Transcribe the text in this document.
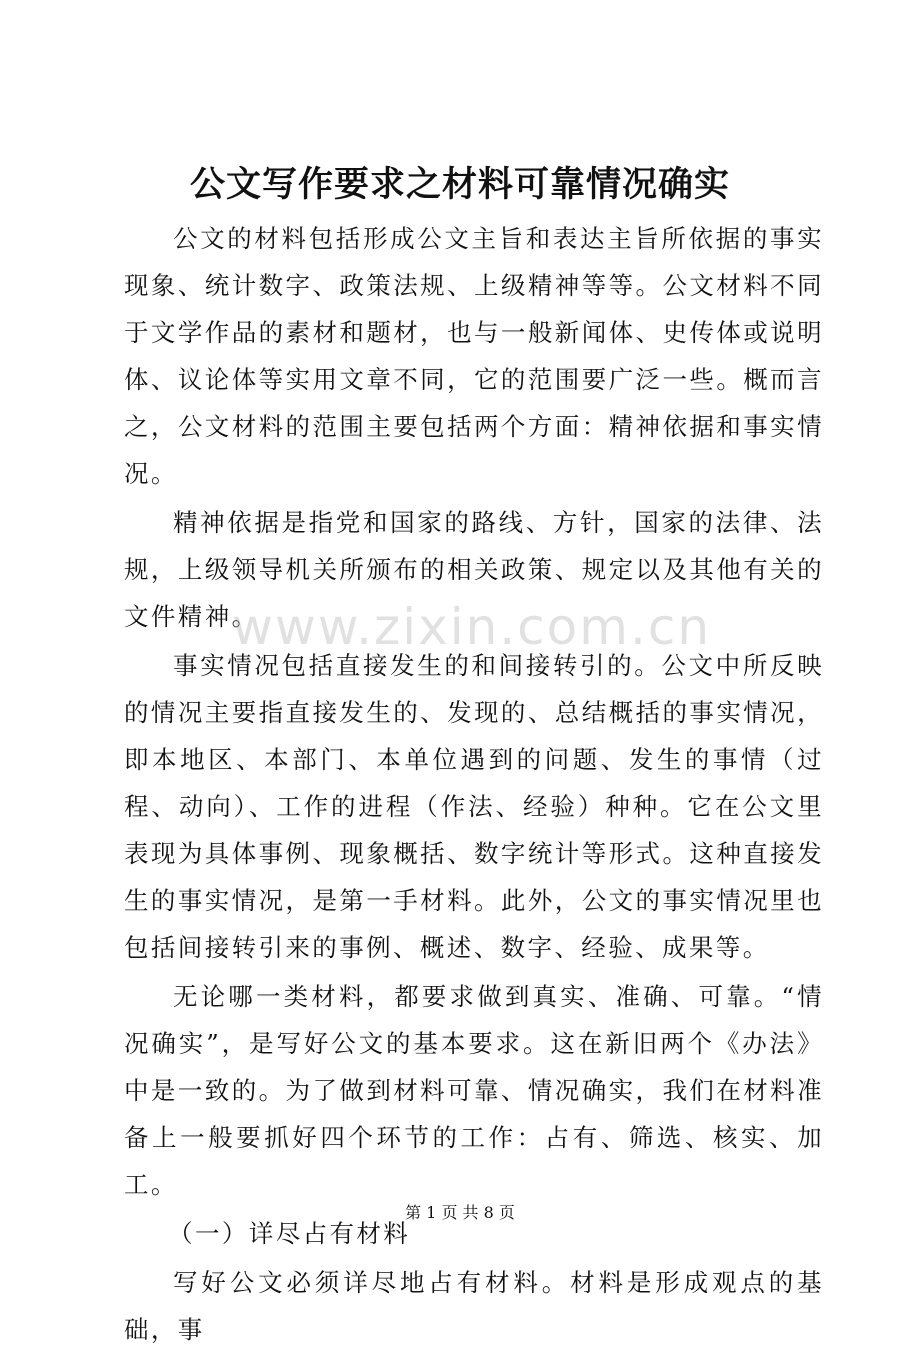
公文写作要求之材料可靠情况确实

公文的材料包括形成公文主旨和表达主旨所依据的事实现象、统计数字、政策法规、上级精神等等。公文材料不同于文学作品的素材和题材，也与一般新闻体、史传体或说明体、议论体等实用文章不同，它的范围要广泛一些。概而言之，公文材料的范围主要包括两个方面：精神依据和事实情况。

精神依据是指党和国家的路线、方针，国家的法律、法规，上级领导机关所颁布的相关政策、规定以及其他有关的文件精神。

事实情况包括直接发生的和间接转引的。公文中所反映的情况主要指直接发生的、发现的、总结概括的事实情况，即本地区、本部门、本单位遇到的问题、发生的事情（过程、动向）、工作的进程（作法、经验）种种。它在公文里表现为具体事例、现象概括、数字统计等形式。这种直接发生的事实情况，是第一手材料。此外，公文的事实情况里也包括间接转引来的事例、概述、数字、经验、成果等。

无论哪一类材料，都要求做到真实、准确、可靠。“情况确实”，是写好公文的基本要求。这在新旧两个《办法》中是一致的。为了做到材料可靠、情况确实，我们在材料准备上一般要抓好四个环节的工作：占有、筛选、核实、加工。

（一）详尽占有材料

写好公文必须详尽地占有材料。材料是形成观点的基础，事

www.zixin.com.cn
第 1 页 共 8 页
